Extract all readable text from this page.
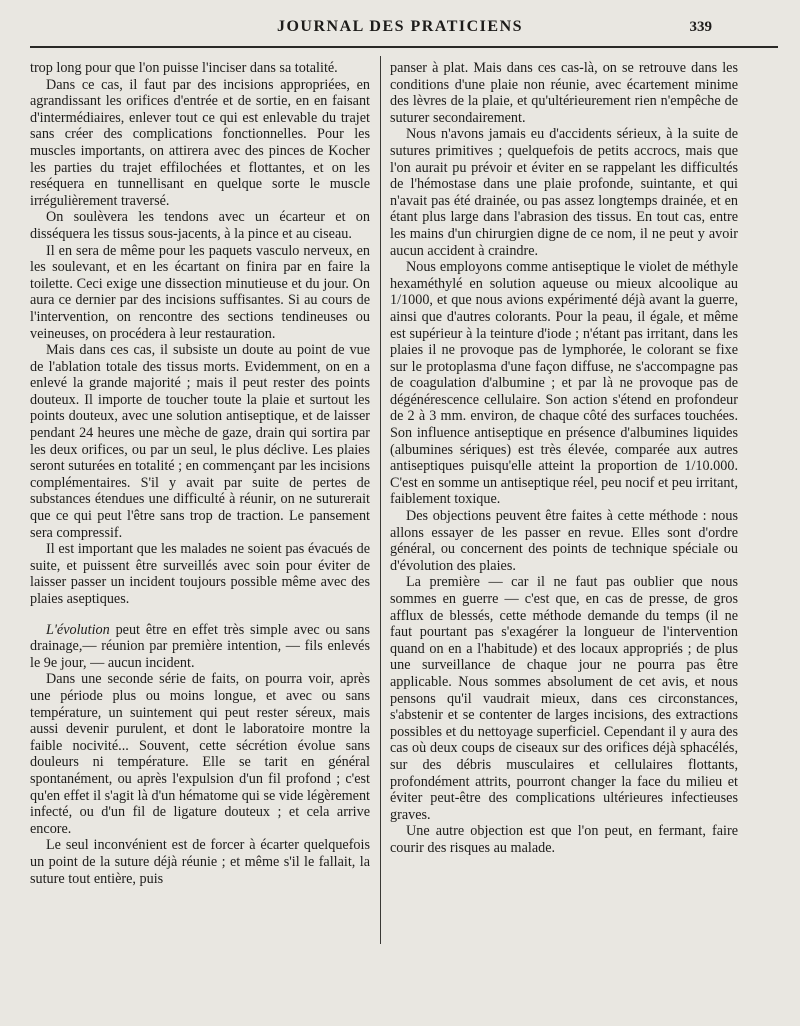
JOURNAL DES PRATICIENS	339

trop long pour que l'on puisse l'inciser dans sa totalité.

Dans ce cas, il faut par des incisions appropriées, en agrandissant les orifices d'entrée et de sortie, en en faisant d'intermédiaires, enlever tout ce qui est enlevable du trajet sans créer des complications fonctionnelles. Pour les muscles importants, on attirera avec des pinces de Kocher les parties du trajet effilochées et flottantes, et on les reséquera en tunnellisant en quelque sorte le muscle irrégulièrement traversé.

On soulèvera les tendons avec un écarteur et on disséquera les tissus sous-jacents, à la pince et au ciseau.

Il en sera de même pour les paquets vasculo nerveux, en les soulevant, et en les écartant on finira par en faire la toilette. Ceci exige une dissection minutieuse et du jour. On aura ce dernier par des incisions suffisantes. Si au cours de l'intervention, on rencontre des sections tendineuses ou veineuses, on procédera à leur restauration.

Mais dans ces cas, il subsiste un doute au point de vue de l'ablation totale des tissus morts. Evidemment, on en a enlevé la grande majorité ; mais il peut rester des points douteux. Il importe de toucher toute la plaie et surtout les points douteux, avec une solution antiseptique, et de laisser pendant 24 heures une mèche de gaze, drain qui sortira par les deux orifices, ou par un seul, le plus déclive. Les plaies seront suturées en totalité ; en commençant par les incisions complémentaires. S'il y avait par suite de pertes de substances étendues une difficulté à réunir, on ne suturerait que ce qui peut l'être sans trop de traction. Le pansement sera compressif.

Il est important que les malades ne soient pas évacués de suite, et puissent être surveillés avec soin pour éviter de laisser passer un incident toujours possible même avec des plaies aseptiques.

L'évolution peut être en effet très simple avec ou sans drainage,— réunion par première intention, — fils enlevés le 9e jour, — aucun incident.

Dans une seconde série de faits, on pourra voir, après une période plus ou moins longue, et avec ou sans température, un suintement qui peut rester séreux, mais aussi devenir purulent, et dont le laboratoire montre la faible nocivité... Souvent, cette sécrétion évolue sans douleurs ni température. Elle se tarit en général spontanément, ou après l'expulsion d'un fil profond ; c'est qu'en effet il s'agit là d'un hématome qui se vide légèrement infecté, ou d'un fil de ligature douteux ; et cela arrive encore.

Le seul inconvénient est de forcer à écarter quelquefois un point de la suture déjà réunie ; et même s'il le fallait, la suture tout entière, puis

panser à plat. Mais dans ces cas-là, on se retrouve dans les conditions d'une plaie non réunie, avec écartement minime des lèvres de la plaie, et qu'ultérieurement rien n'empêche de suturer secondairement.

Nous n'avons jamais eu d'accidents sérieux, à la suite de sutures primitives ; quelquefois de petits accrocs, mais que l'on aurait pu prévoir et éviter en se rappelant les difficultés de l'hémostase dans une plaie profonde, suintante, et qui n'avait pas été drainée, ou pas assez longtemps drainée, et en étant plus large dans l'abrasion des tissus. En tout cas, entre les mains d'un chirurgien digne de ce nom, il ne peut y avoir aucun accident à craindre.

Nous employons comme antiseptique le violet de méthyle hexaméthylé en solution aqueuse ou mieux alcoolique au 1/1000, et que nous avions expérimenté déjà avant la guerre, ainsi que d'autres colorants. Pour la peau, il égale, et même est supérieur à la teinture d'iode ; n'étant pas irritant, dans les plaies il ne provoque pas de lymphorée, le colorant se fixe sur le protoplasma d'une façon diffuse, ne s'accompagne pas de coagulation d'albumine ; et par là ne provoque pas de dégénérescence cellulaire. Son action s'étend en profondeur de 2 à 3 mm. environ, de chaque côté des surfaces touchées. Son influence antiseptique en présence d'albumines liquides (albumines sériques) est très élevée, comparée aux autres antiseptiques puisqu'elle atteint la proportion de 1/10.000. C'est en somme un antiseptique réel, peu nocif et peu irritant, faiblement toxique.

Des objections peuvent être faites à cette méthode : nous allons essayer de les passer en revue. Elles sont d'ordre général, ou concernent des points de technique spéciale ou d'évolution des plaies.

La première — car il ne faut pas oublier que nous sommes en guerre — c'est que, en cas de presse, de gros afflux de blessés, cette méthode demande du temps (il ne faut pourtant pas s'exagérer la longueur de l'intervention quand on en a l'habitude) et des locaux appropriés ; de plus une surveillance de chaque jour ne pourra pas être applicable. Nous sommes absolument de cet avis, et nous pensons qu'il vaudrait mieux, dans ces circonstances, s'abstenir et se contenter de larges incisions, des extractions possibles et du nettoyage superficiel. Cependant il y aura des cas où deux coups de ciseaux sur des orifices déjà sphacélés, sur des débris musculaires et cellulaires flottants, profondément attrits, pourront changer la face du milieu et éviter peut-être des complications ultérieures infectieuses graves.

Une autre objection est que l'on peut, en fermant, faire courir des risques au malade.
